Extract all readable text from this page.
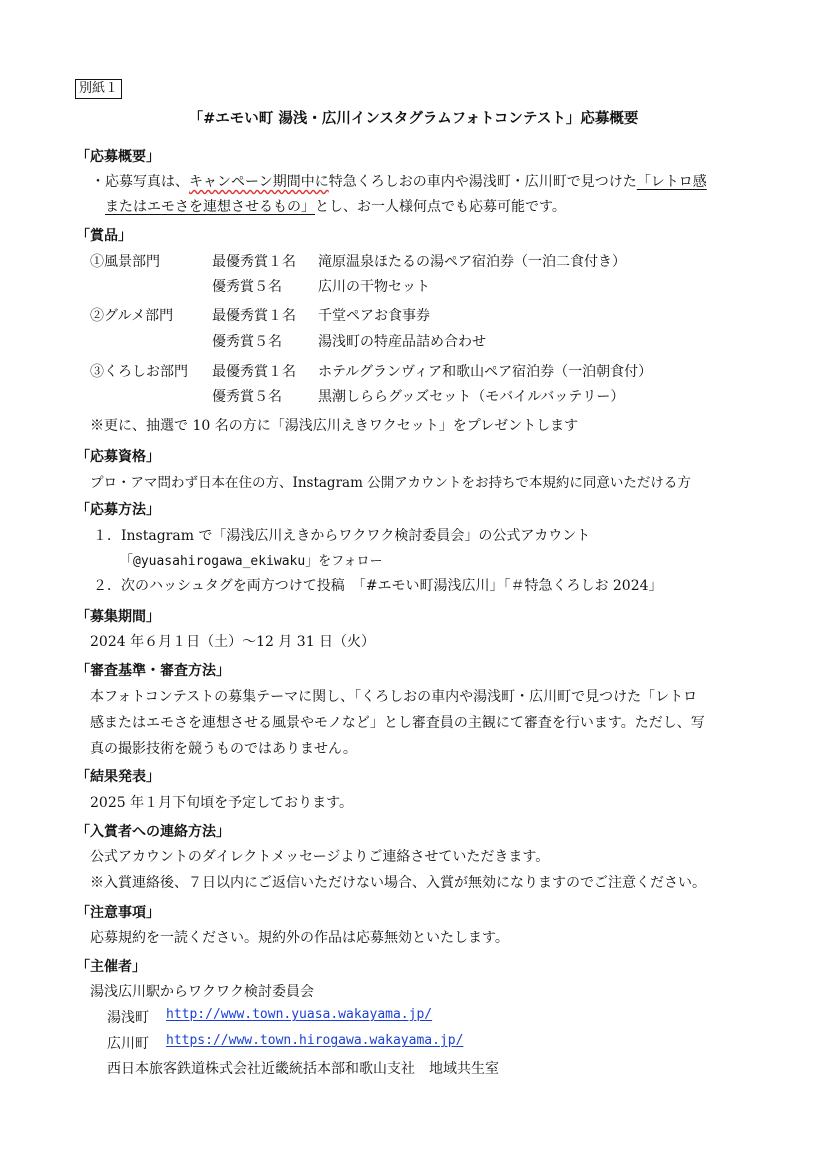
別紙１
「#エモい町 湯浅・広川インスタグラムフォトコンテスト」応募概要
「応募概要」
・応募写真は、キャンペーン期間中に特急くろしおの車内や湯浅町・広川町で見つけた「レトロ感
またはエモさを連想させるもの」とし、お一人様何点でも応募可能です。
「賞品」
①風景部門	最優秀賞１名 滝原温泉ほたるの湯ペア宿泊券（一泊二食付き）
優秀賞５名	広川の干物セット
②グルメ部門	最優秀賞１名 千堂ペアお食事券
優秀賞５名	湯浅町の特産品詰め合わせ
③くろしお部門 最優秀賞１名 ホテルグランヴィア和歌山ペア宿泊券（一泊朝食付）
優秀賞５名	黒潮しららグッズセット（モバイルバッテリー）
※更に、抽選で 10 名の方に「湯浅広川えきワクセット」をプレゼントします
「応募資格」
プロ・アマ問わず日本在住の方、Instagram 公開アカウントをお持ちで本規約に同意いただける方
「応募方法」
１．Instagram で「湯浅広川えきからワクワク検討委員会」の公式アカウント
「@yuasahirogawa_ekiwaku」をフォロー
２．次のハッシュタグを両方つけて投稿　「#エモい町湯浅広川」「＃特急くろしお 2024」
「募集期間」
2024 年６月１日（土）～12 月 31 日（火）
「審査基準・審査方法」
本フォトコンテストの募集テーマに関し、「くろしおの車内や湯浅町・広川町で見つけた「レトロ
感またはエモさを連想させる風景やモノなど」とし審査員の主観にて審査を行います。ただし、写
真の撮影技術を競うものではありません。
「結果発表」
2025 年１月下旬頃を予定しております。
「入賞者への連絡方法」
公式アカウントのダイレクトメッセージよりご連絡させていただきます。
※入賞連絡後、７日以内にご返信いただけない場合、入賞が無効になりますのでご注意ください。
「注意事項」
応募規約を一読ください。規約外の作品は応募無効といたします。
「主催者」
湯浅広川駅からワクワク検討委員会
湯浅町 http://www.town.yuasa.wakayama.jp/
広川町 https://www.town.hirogawa.wakayama.jp/
西日本旅客鉄道株式会社近畿統括本部和歌山支社　地域共生室
